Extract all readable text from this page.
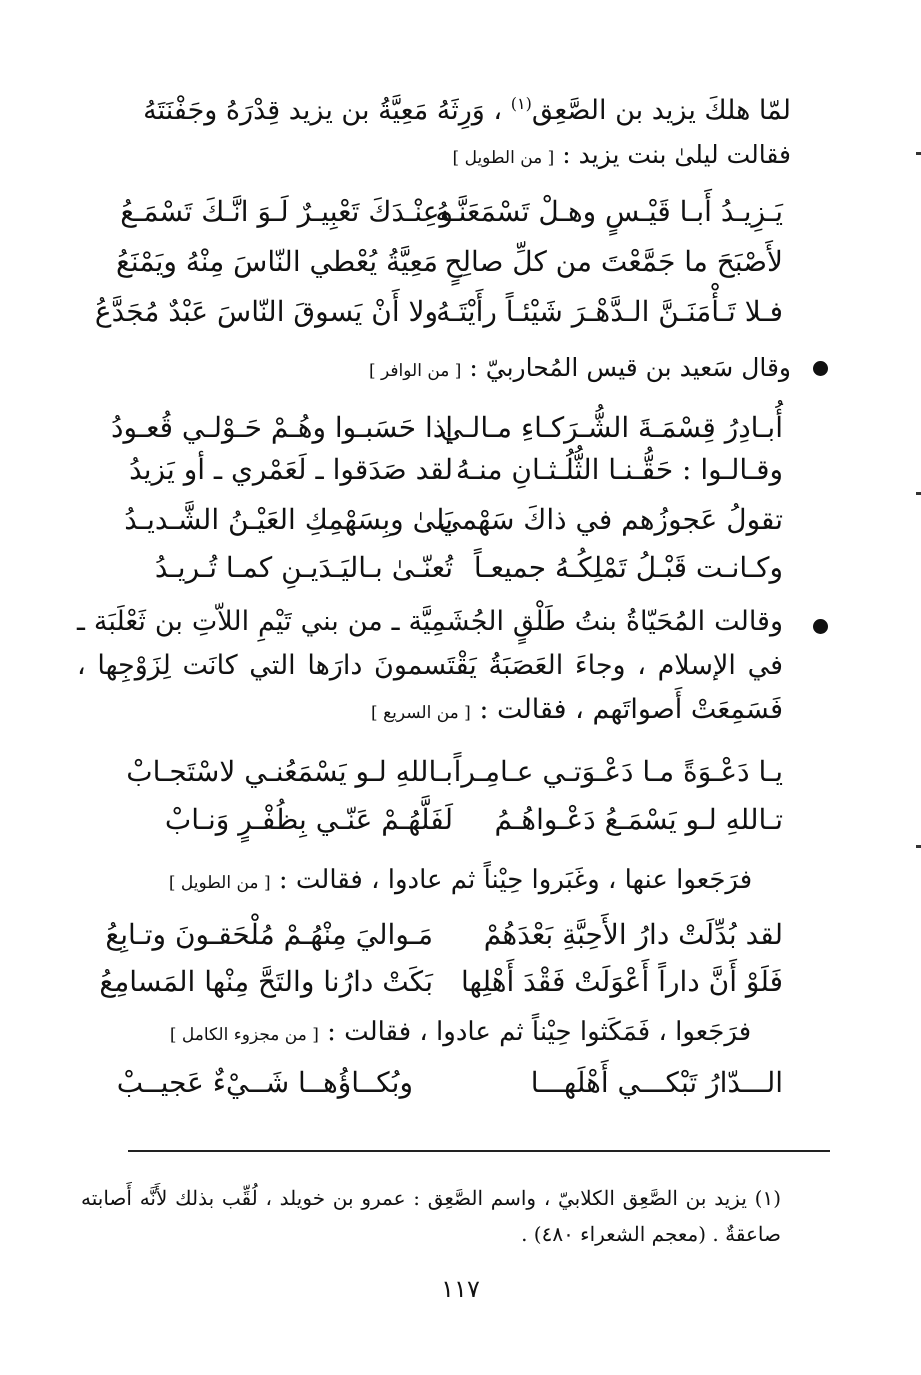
لمّا هلكَ يزيد بن الصَّعِق$^{(١)}$ ، وَرِثَهُ مَعِيَّةُ بن يزيد قِدْرَهُ وجَفْنَتَهُ
فقالت ليلىٰ بنت يزيد : [ من الطويل ]
يَـزِيـدُ أَبـا قَيْـسٍ وهـلْ تَسْمَعَنَّـهُ
وعِنْـدَكَ تَعْبِيـرٌ لَـوَ انَّـكَ تَسْمَـعُ
لأَصْبَحَ ما جَمَّعْتَ من كلِّ صالِحٍ
مَعِيَّةُ يُعْطي النّاسَ مِنْهُ ويَمْنَعُ
فـلا تَـأْمَنَـنَّ الـدَّهْـرَ شَيْئـاً رأَيْتَـهُ
ولا أَنْ يَسوقَ النّاسَ عَبْدٌ مُجَدَّعُ
وقال سَعيد بن قيس المُحاربيّ : [ من الوافر ]
أُبـادِرُ قِسْمَـةَ الشُّـرَكـاءِ مـالـي
إذا حَسَبـوا وهُـمْ حَـوْلـي قُعـودُ
وقـالـوا : حَقُّـنـا الثُّلُـثـانِ منـهُ
لقد صَدَقوا ـ لَعَمْري ـ أو يَزيدُ
تقولُ عَجوزُهم في ذاكَ سَهْمي
بَلىٰ وبِسَهْمِكِ العَيْـنُ الشَّـديـدُ
وكـانـت قَبْـلُ تَمْلِكُـهُ جميعـاً
تُعنّـىٰ بـاليَـدَيـنِ كمـا تُـريـدُ
وقالت المُحَيّاةُ بنتُ طَلْقٍ الجُشَمِيَّة ـ من بني تَيْمِ اللاّتِ بن ثَعْلَبَة ـ في الإسلام ، وجاءَ العَصَبَةُ يَقْتَسمونَ دارَها التي كانَت لِزَوْجِها ، فَسَمِعَتْ أَصواتَهم ، فقالت : [ من السريع ]
يـا دَعْـوَةً مـا دَعْـوَتـي عـامِـراً
بـاللهِ لـو يَسْمَعُنـي لاسْتَجـابْ
تـاللهِ لـو يَسْمَـعُ دَعْـواهُـمُ
لَفَلَّهُـمْ عَنّـي بِظُفْـرٍ وَنـابْ
فرَجَعوا عنها ، وغَبَروا حِيْناً ثم عادوا ، فقالت : [ من الطويل ]
لقد بُدِّلَتْ دارُ الأَحِبَّةِ بَعْدَهُمْ
مَـواليَ مِنْهُـمْ مُلْحَقـونَ وتـابِعُ
فَلَوْ أَنَّ داراً أَعْوَلَتْ فَقْدَ أَهْلِها
بَكَتْ دارُنا والتَحَّ مِنْها المَسامِعُ
فرَجَعوا ، فَمَكَثوا حِيْناً ثم عادوا ، فقالت : [ من مجزوء الكامل ]
الـــدّارُ تَبْكـــي أَهْلَهـــا
وبُكــاؤُهــا شَــيْءٌ عَجيــبْ
(١) يزيد بن الصَّعِق الكلابيّ ، واسم الصَّعِق : عمرو بن خويلد ، لُقِّب بذلك لأَنَّه أَصابته صاعقةٌ . (معجم الشعراء ٤٨٠) .
١١٧
